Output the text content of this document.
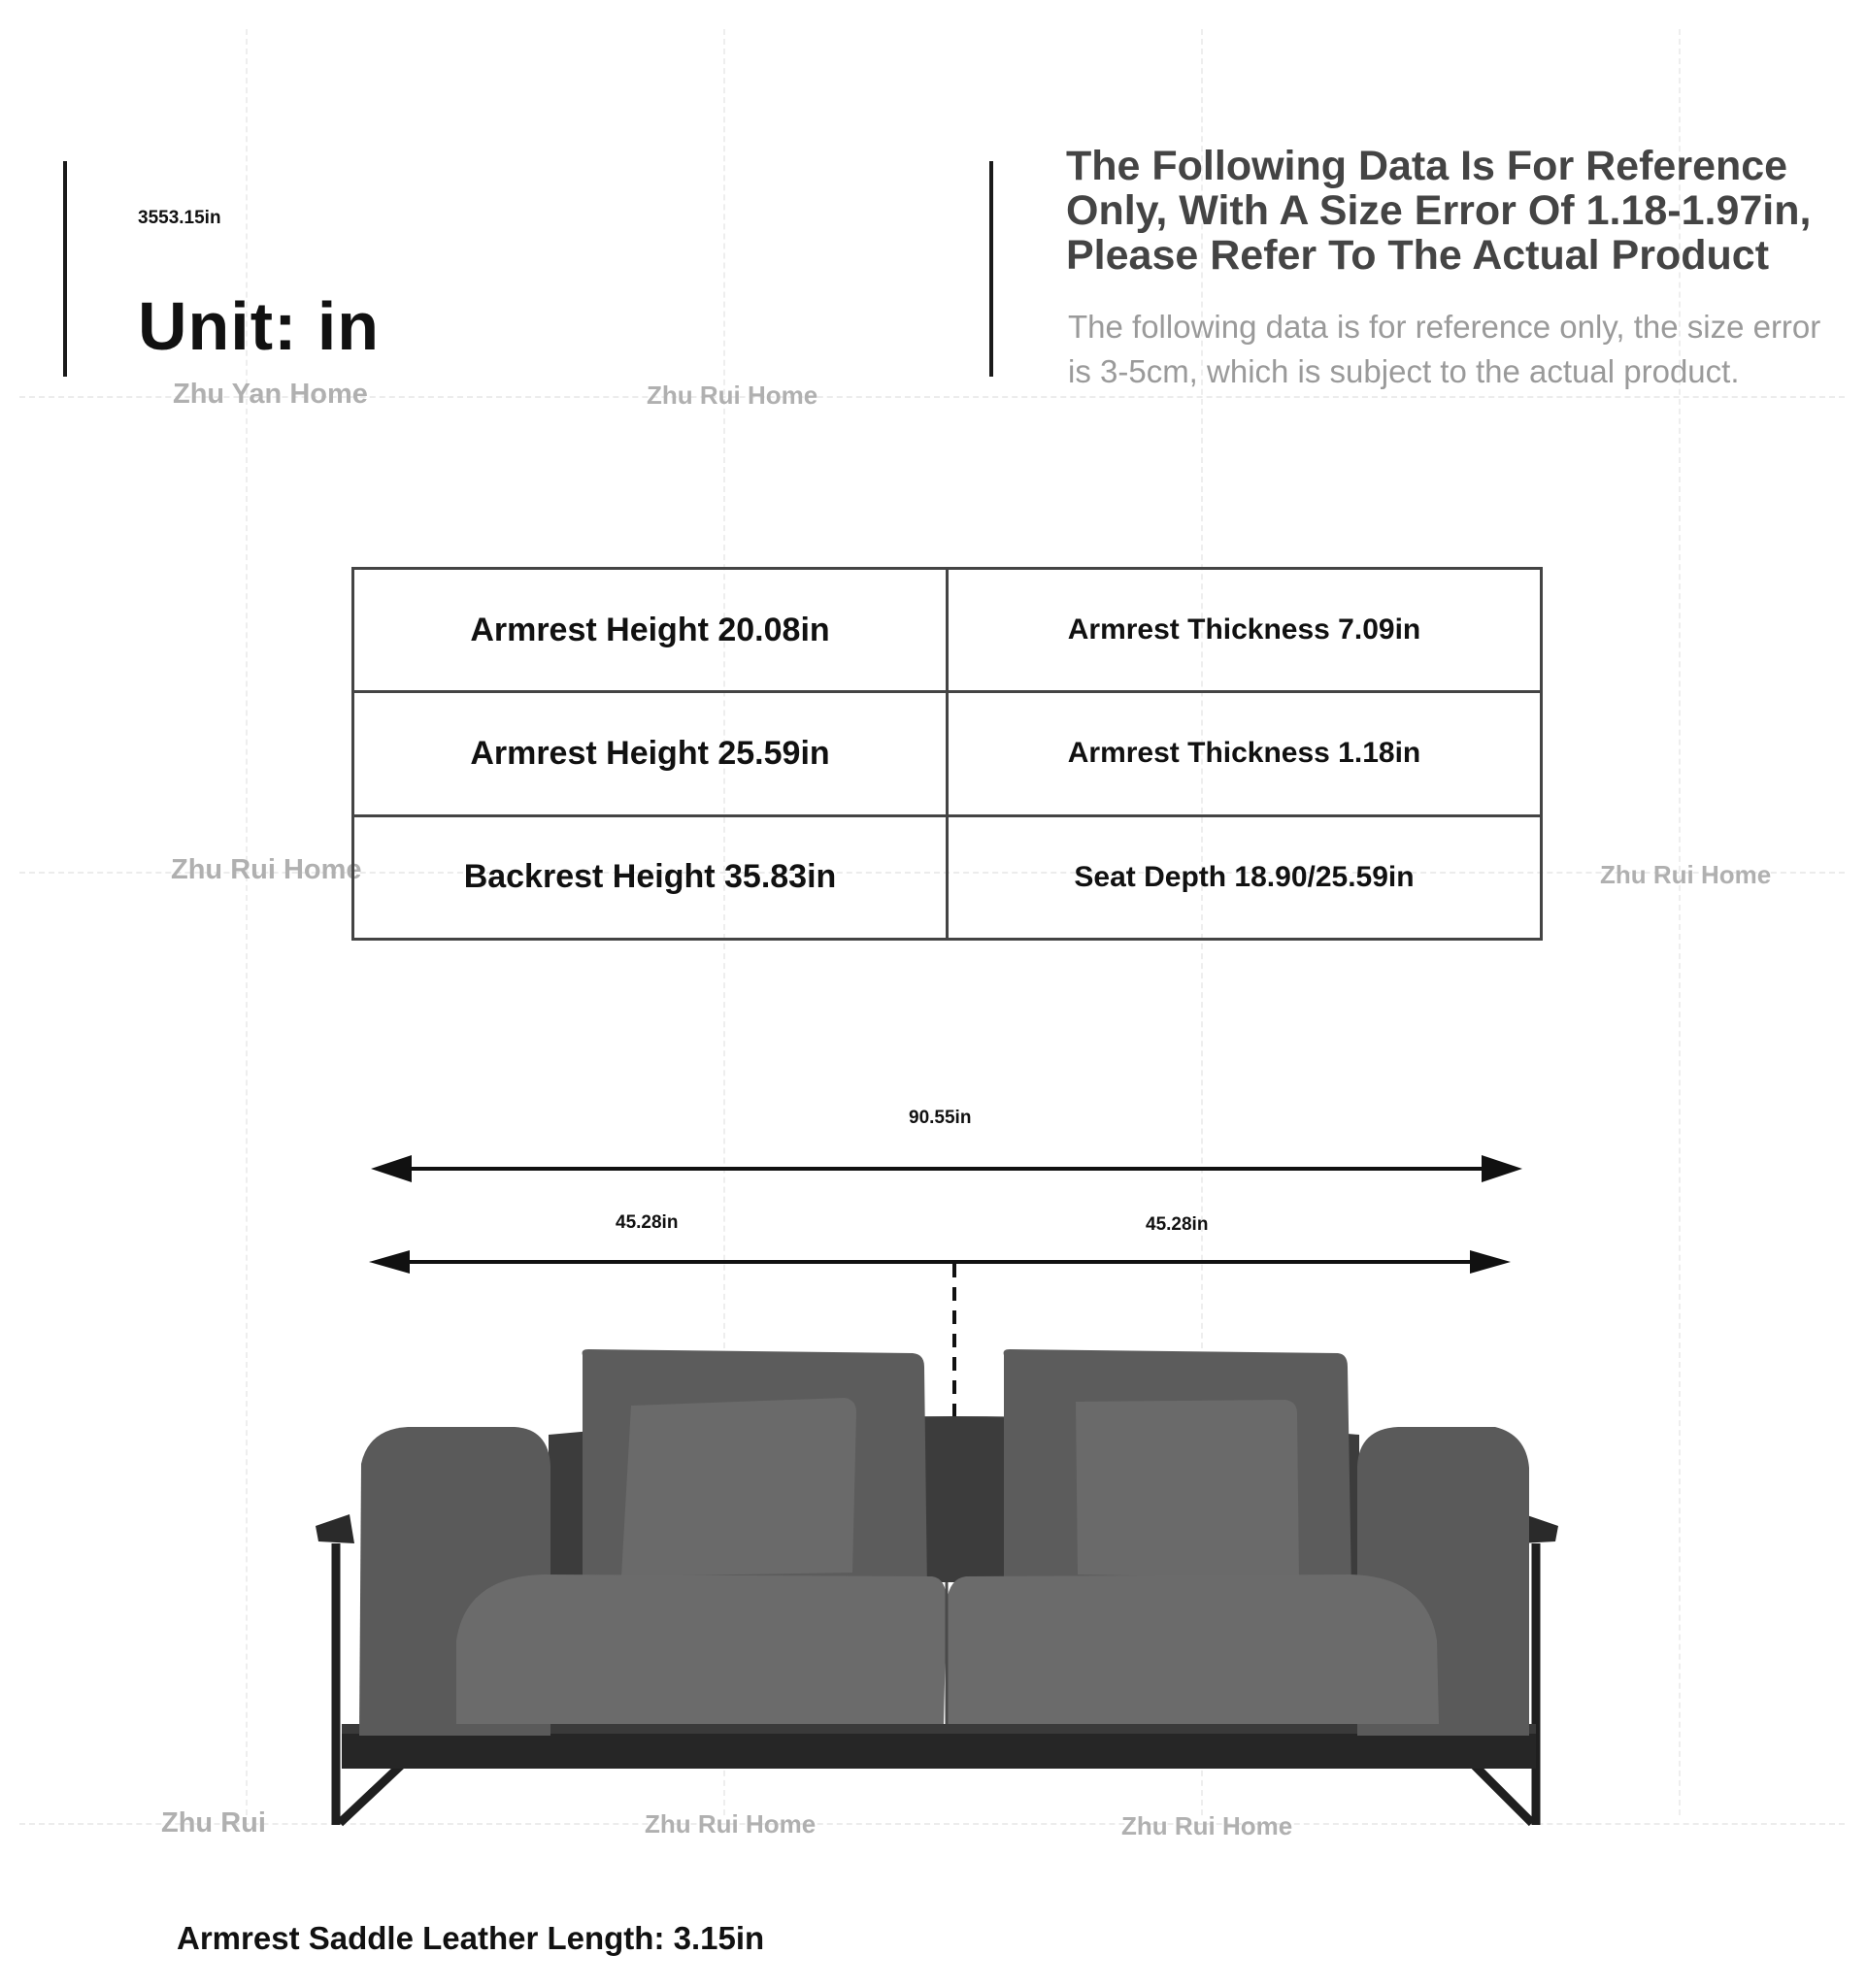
3553.15in
Unit: in
The Following Data Is For Reference Only, With A Size Error Of 1.18-1.97in, Please Refer To The Actual Product
The following data is for reference only, the size error is 3-5cm, which is subject to the actual product.
Zhu Yan Home	Zhu Rui Home
Zhu Rui Home	Zhu Rui Home
Zhu Rui	Zhu Rui Home	Zhu Rui Home
Armrest Height 20.08in	Armrest Thickness 7.09in
Armrest Height 25.59in	Armrest Thickness 1.18in
Backrest Height 35.83in	Seat Depth 18.90/25.59in
90.55in
45.28in	45.28in
Armrest Saddle Leather Length: 3.15in
